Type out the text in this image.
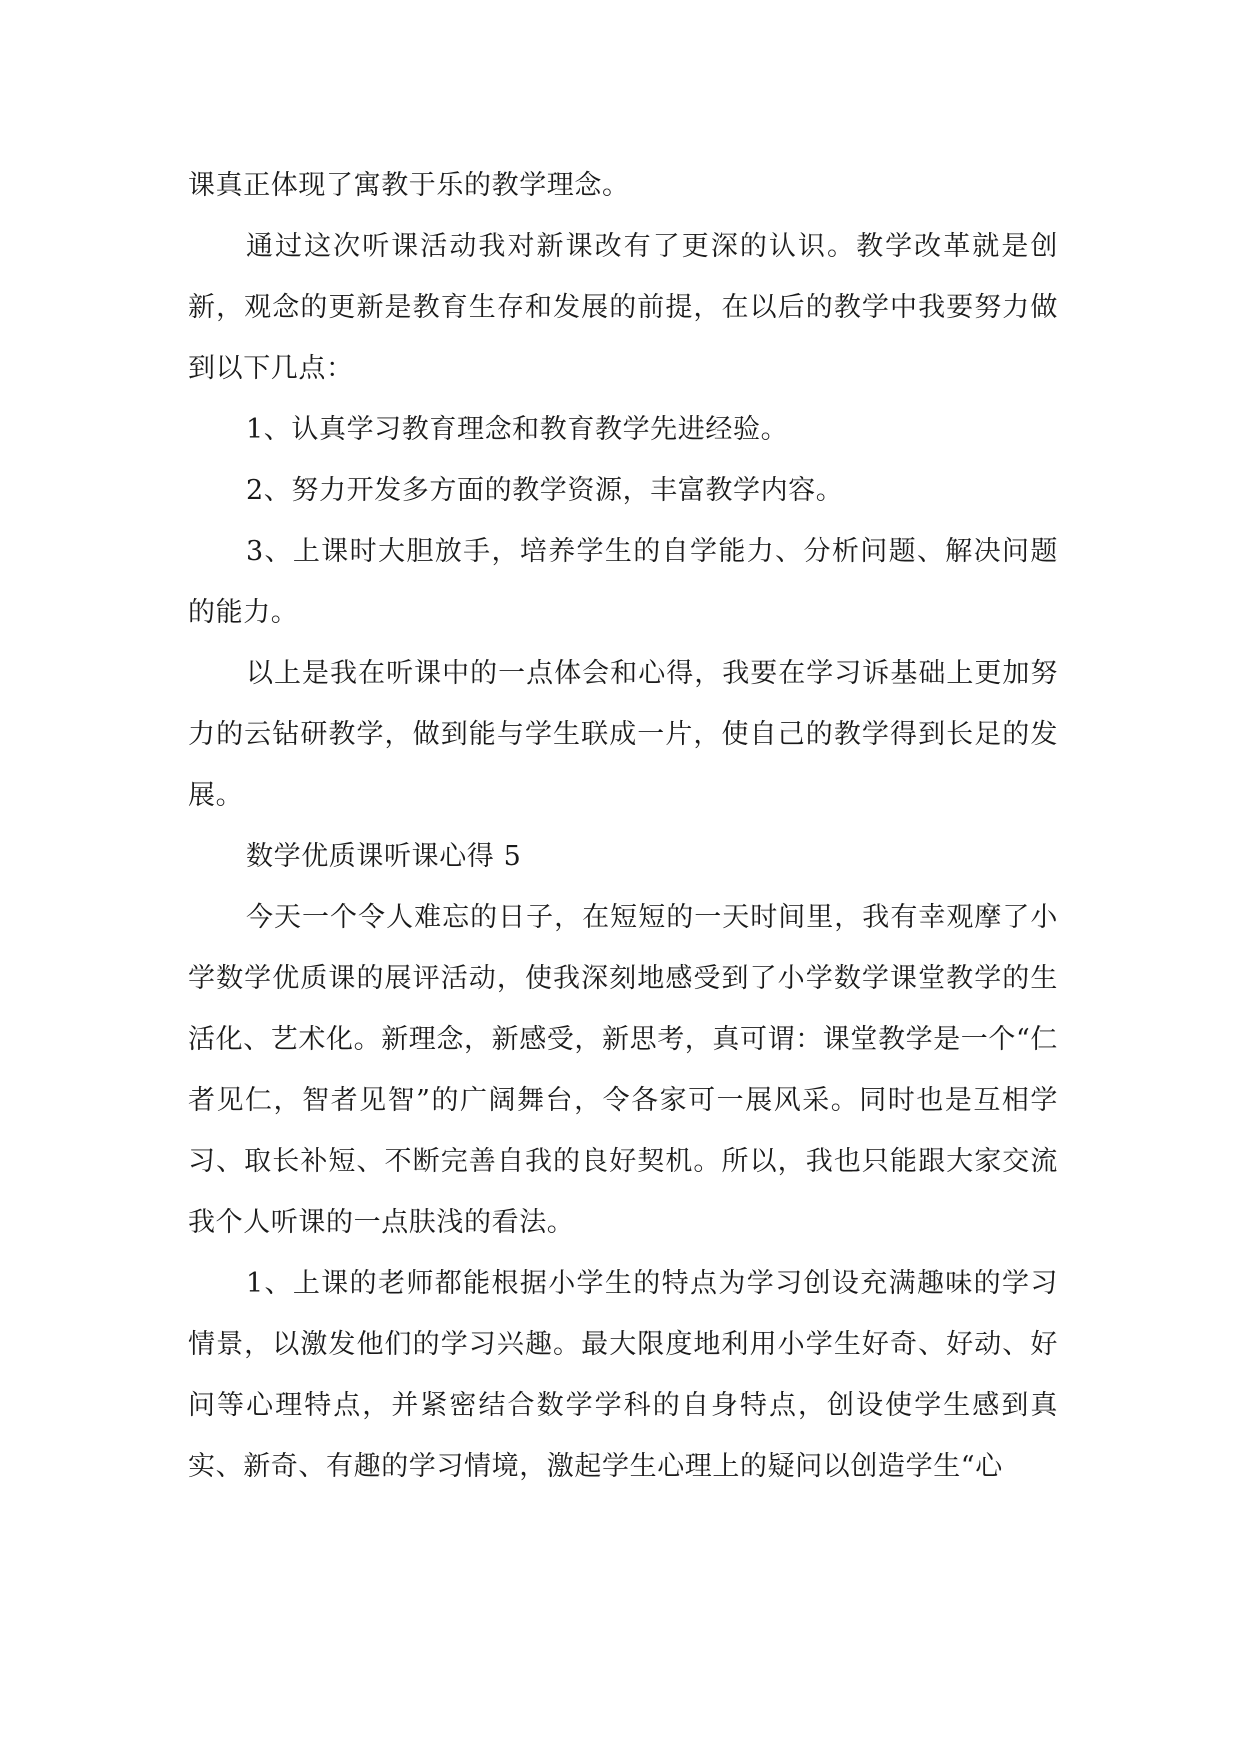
课真正体现了寓教于乐的教学理念。

通过这次听课活动我对新课改有了更深的认识。教学改革就是创新，观念的更新是教育生存和发展的前提，在以后的教学中我要努力做到以下几点：

1、认真学习教育理念和教育教学先进经验。

2、努力开发多方面的教学资源，丰富教学内容。

3、上课时大胆放手，培养学生的自学能力、分析问题、解决问题的能力。

以上是我在听课中的一点体会和心得，我要在学习诉基础上更加努力的云钻研教学，做到能与学生联成一片，使自己的教学得到长足的发展。

数学优质课听课心得 5

今天一个令人难忘的日子，在短短的一天时间里，我有幸观摩了小学数学优质课的展评活动，使我深刻地感受到了小学数学课堂教学的生活化、艺术化。新理念，新感受，新思考，真可谓：课堂教学是一个“仁者见仁，智者见智”的广阔舞台，令各家可一展风采。同时也是互相学习、取长补短、不断完善自我的良好契机。所以，我也只能跟大家交流我个人听课的一点肤浅的看法。

1、上课的老师都能根据小学生的特点为学习创设充满趣味的学习情景，以激发他们的学习兴趣。最大限度地利用小学生好奇、好动、好问等心理特点，并紧密结合数学学科的自身特点，创设使学生感到真实、新奇、有趣的学习情境，激起学生心理上的疑问以创造学生“心
